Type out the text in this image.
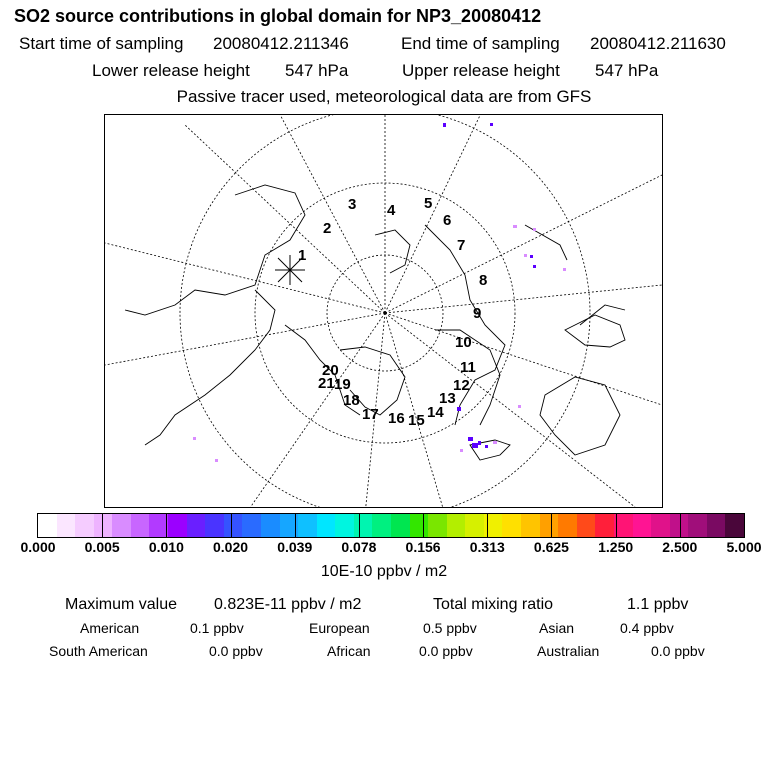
SO2 source contributions in global domain for NP3_20080412
Start time of sampling 20080412.211346	End time of sampling 20080412.211630
Lower release height 547 hPa	Upper release height 547 hPa
Passive tracer used, meteorological data are from GFS
1
2
3 4 5
6
7
8
9
10
11
12
13
14
15
16
17
18
19
20
21
0.000 0.005 0.010 0.020 0.039 0.078 0.156 0.313 0.625 1.250 2.500 5.000
10E-10 ppbv / m2
Maximum value 0.823E-11 ppbv / m2	Total mixing ratio	1.1 ppbv
American	0.1 ppbv	European	0.5 ppbv	Asian	0.4 ppbv
South American	0.0 ppbv	African	0.0 ppbv	Australian	0.0 ppbv
